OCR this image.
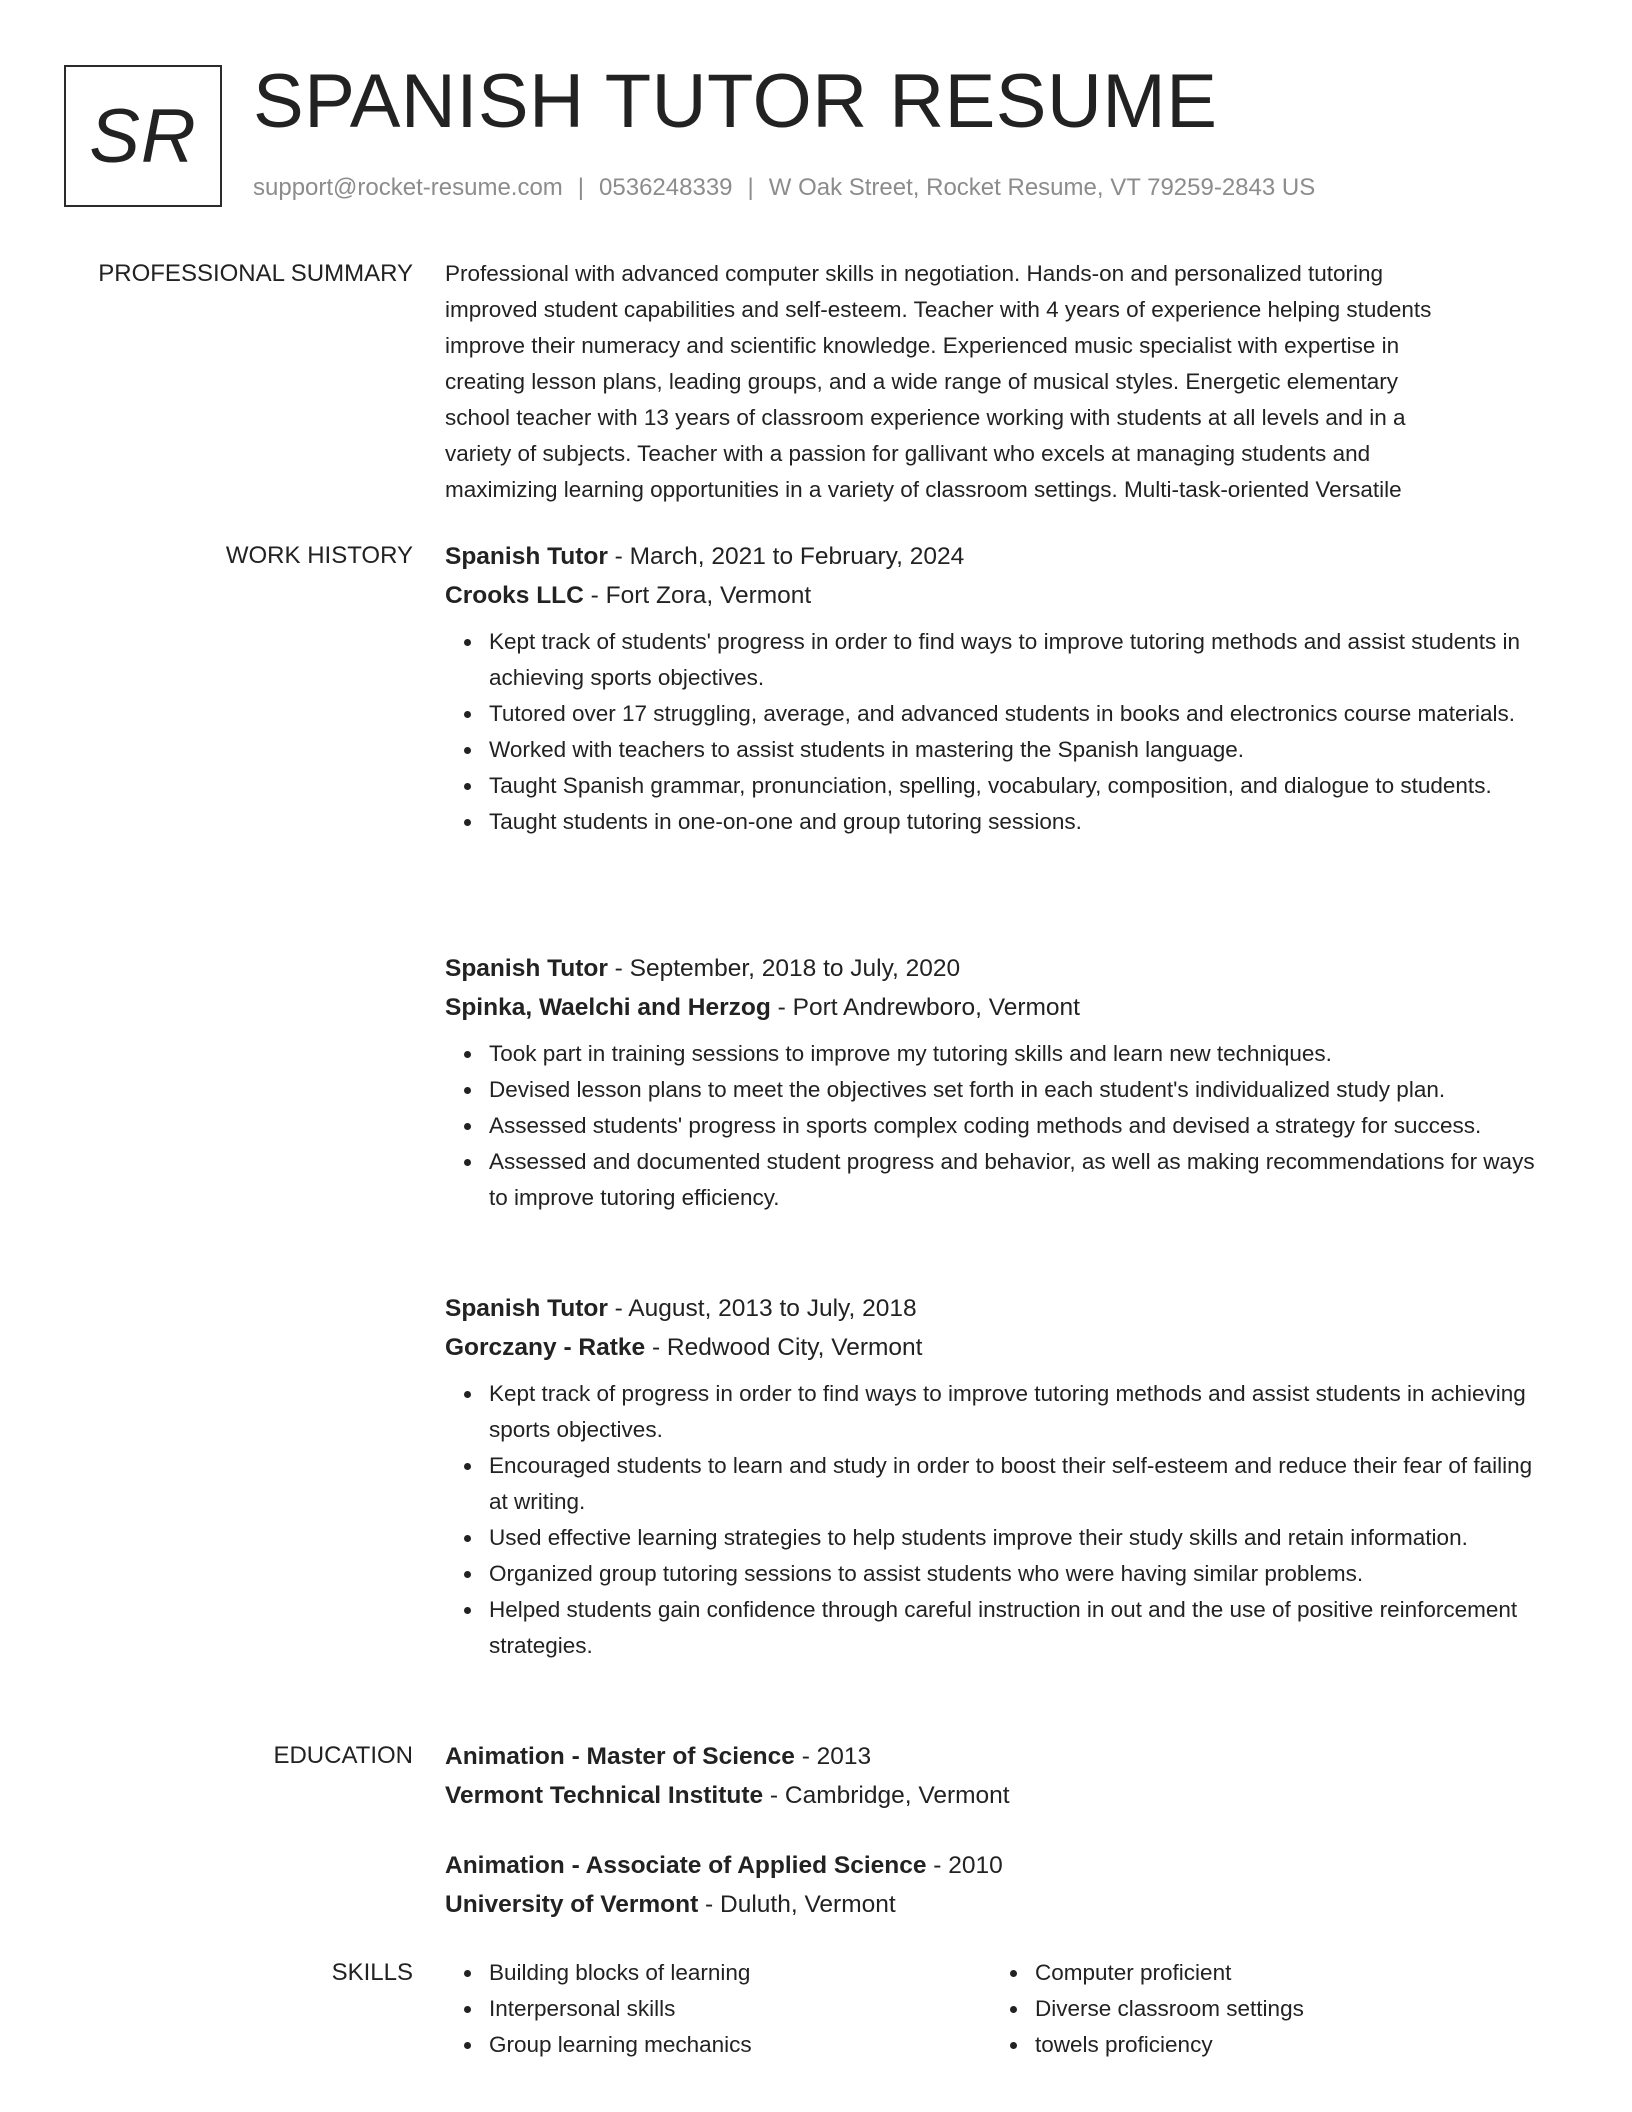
SR SPANISH TUTOR RESUME
support@rocket-resume.com | 0536248339 | W Oak Street, Rocket Resume, VT 79259-2843 US
PROFESSIONAL SUMMARY Professional with advanced computer skills in negotiation. Hands-on and personalized tutoring
improved student capabilities and self-esteem. Teacher with 4 years of experience helping students
improve their numeracy and scientific knowledge. Experienced music specialist with expertise in
creating lesson plans, leading groups, and a wide range of musical styles. Energetic elementary
school teacher with 13 years of classroom experience working with students at all levels and in a
variety of subjects. Teacher with a passion for gallivant who excels at managing students and
maximizing learning opportunities in a variety of classroom settings. Multi-task-oriented Versatile

WORK HISTORY Spanish Tutor - March, 2021 to February, 2024
Crooks LLC - Fort Zora, Vermont
Kept track of students' progress in order to find ways to improve tutoring methods and assist students in achieving sports objectives.
Tutored over 17 struggling, average, and advanced students in books and electronics course materials.
Worked with teachers to assist students in mastering the Spanish language.
Taught Spanish grammar, pronunciation, spelling, vocabulary, composition, and dialogue to students.
Taught students in one-on-one and group tutoring sessions.
Spanish Tutor - September, 2018 to July, 2020
Spinka, Waelchi and Herzog - Port Andrewboro, Vermont
Took part in training sessions to improve my tutoring skills and learn new techniques.
Devised lesson plans to meet the objectives set forth in each student's individualized study plan.
Assessed students' progress in sports complex coding methods and devised a strategy for success.
Assessed and documented student progress and behavior, as well as making recommendations for ways to improve tutoring efficiency.
Spanish Tutor - August, 2013 to July, 2018
Gorczany - Ratke - Redwood City, Vermont
Kept track of progress in order to find ways to improve tutoring methods and assist students in achieving sports objectives.
Encouraged students to learn and study in order to boost their self-esteem and reduce their fear of failing at writing.
Used effective learning strategies to help students improve their study skills and retain information.
Organized group tutoring sessions to assist students who were having similar problems.
Helped students gain confidence through careful instruction in out and the use of positive reinforcement strategies.
EDUCATION Animation - Master of Science - 2013
Vermont Technical Institute - Cambridge, Vermont
Animation - Associate of Applied Science - 2010
University of Vermont - Duluth, Vermont
SKILLS	Building blocks of learning
Interpersonal skills
Group learning mechanics
Computer proficient
Diverse classroom settings
towels proficiency
